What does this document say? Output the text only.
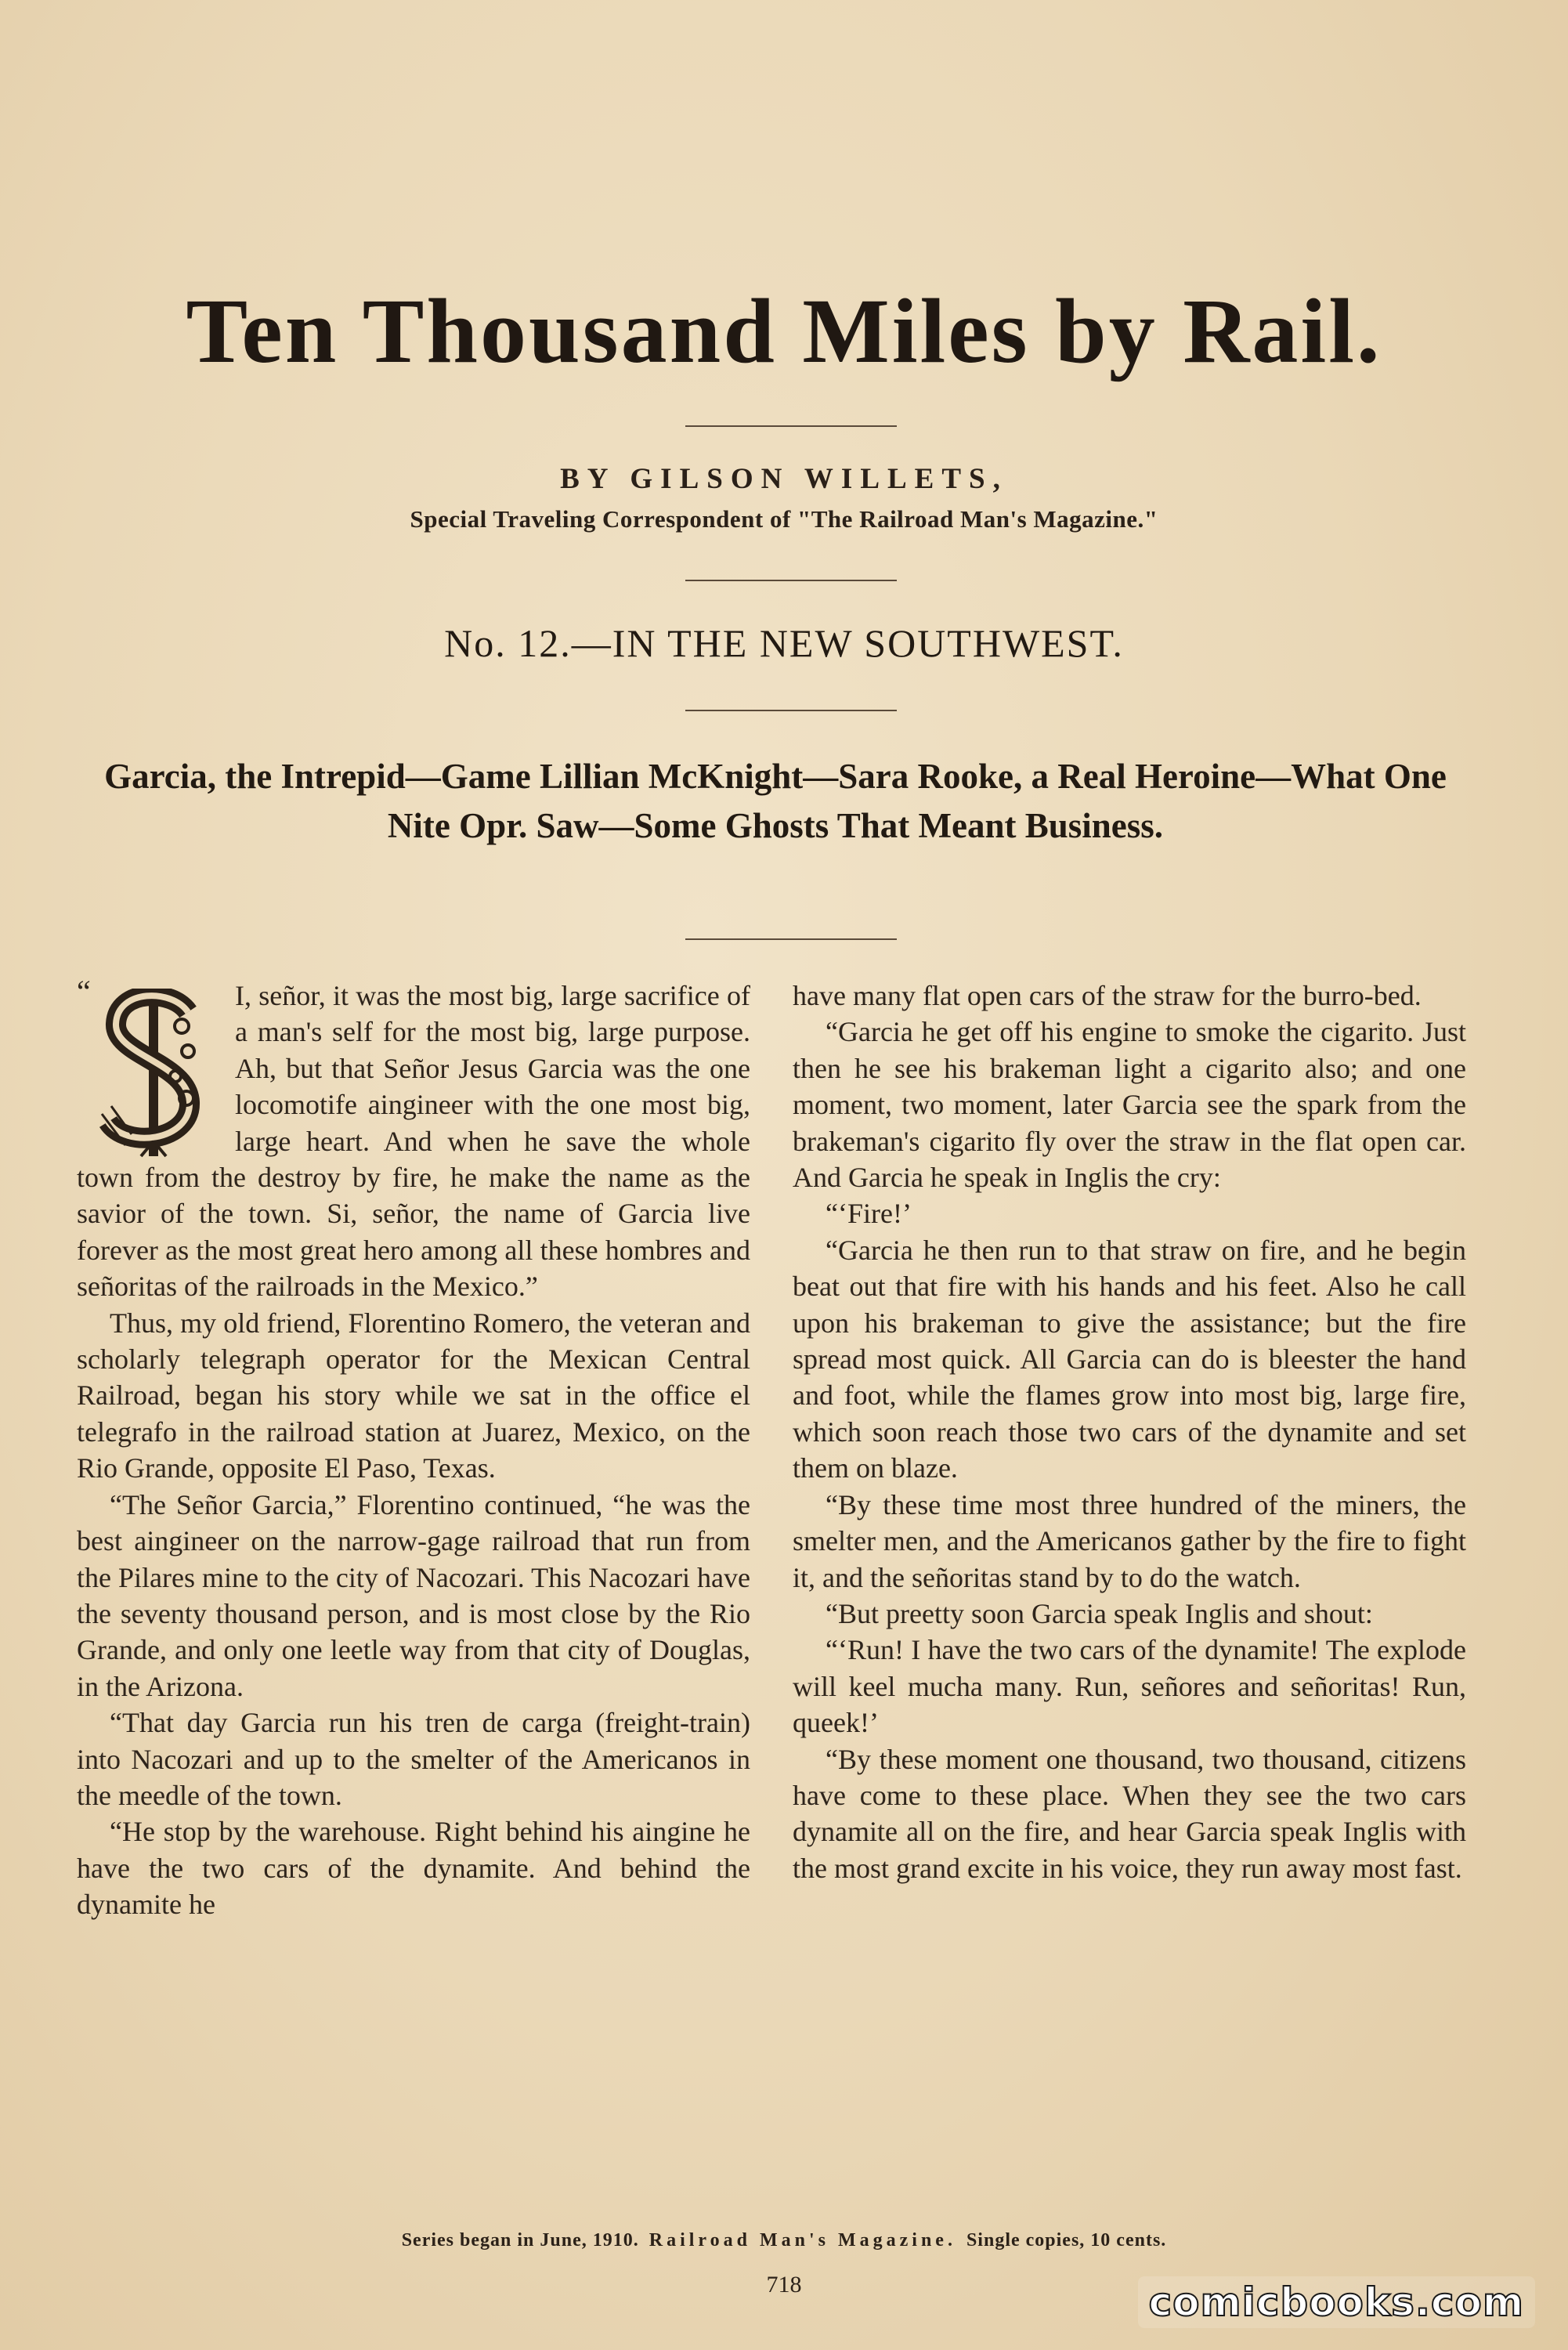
Ten Thousand Miles by Rail.
BY GILSON WILLETS,
Special Traveling Correspondent of "The Railroad Man's Magazine."
No. 12.—IN THE NEW SOUTHWEST.
Garcia, the Intrepid—Game Lillian McKnight—Sara Rooke, a Real Heroine—What One Nite Opr. Saw—Some Ghosts That Meant Business.
“
S

I, señor, it was the most big, large sacrifice of a man's self for the most big, large purpose. Ah, but that Señor Jesus Garcia was the one locomotife aingineer with the one most big, large heart. And when he save the whole town from the destroy by fire, he make the name as the savior of the town. Si, señor, the name of Garcia live forever as the most great hero among all these hombres and señoritas of the railroads in the Mexico.”

Thus, my old friend, Florentino Romero, the veteran and scholarly telegraph operator for the Mexican Central Railroad, began his story while we sat in the office el telegrafo in the railroad station at Juarez, Mexico, on the Rio Grande, opposite El Paso, Texas.

“The Señor Garcia,” Florentino continued, “he was the best aingineer on the narrow-gage railroad that run from the Pilares mine to the city of Nacozari. This Nacozari have the seventy thousand person, and is most close by the Rio Grande, and only one leetle way from that city of Douglas, in the Arizona.

“That day Garcia run his tren de carga (freight-train) into Nacozari and up to the smelter of the Americanos in the meedle of the town.

“He stop by the warehouse. Right behind his aingine he have the two cars of the dynamite. And behind the dynamite he

have many flat open cars of the straw for the burro-bed.

“Garcia he get off his engine to smoke the cigarito. Just then he see his brakeman light a cigarito also; and one moment, two moment, later Garcia see the spark from the brakeman's cigarito fly over the straw in the flat open car. And Garcia he speak in Inglis the cry:

“‘Fire!’

“Garcia he then run to that straw on fire, and he begin beat out that fire with his hands and his feet. Also he call upon his brakeman to give the assistance; but the fire spread most quick. All Garcia can do is bleester the hand and foot, while the flames grow into most big, large fire, which soon reach those two cars of the dynamite and set them on blaze.

“By these time most three hundred of the miners, the smelter men, and the Americanos gather by the fire to fight it, and the señoritas stand by to do the watch.

“But preetty soon Garcia speak Inglis and shout:

“‘Run! I have the two cars of the dynamite! The explode will keel mucha many. Run, señores and señoritas! Run, queek!’

“By these moment one thousand, two thousand, citizens have come to these place. When they see the two cars dynamite all on the fire, and hear Garcia speak Inglis with the most grand excite in his voice, they run away most fast.

Series began in June, 1910. Railroad Man's Magazine. Single copies, 10 cents.
718	comicbooks.com
